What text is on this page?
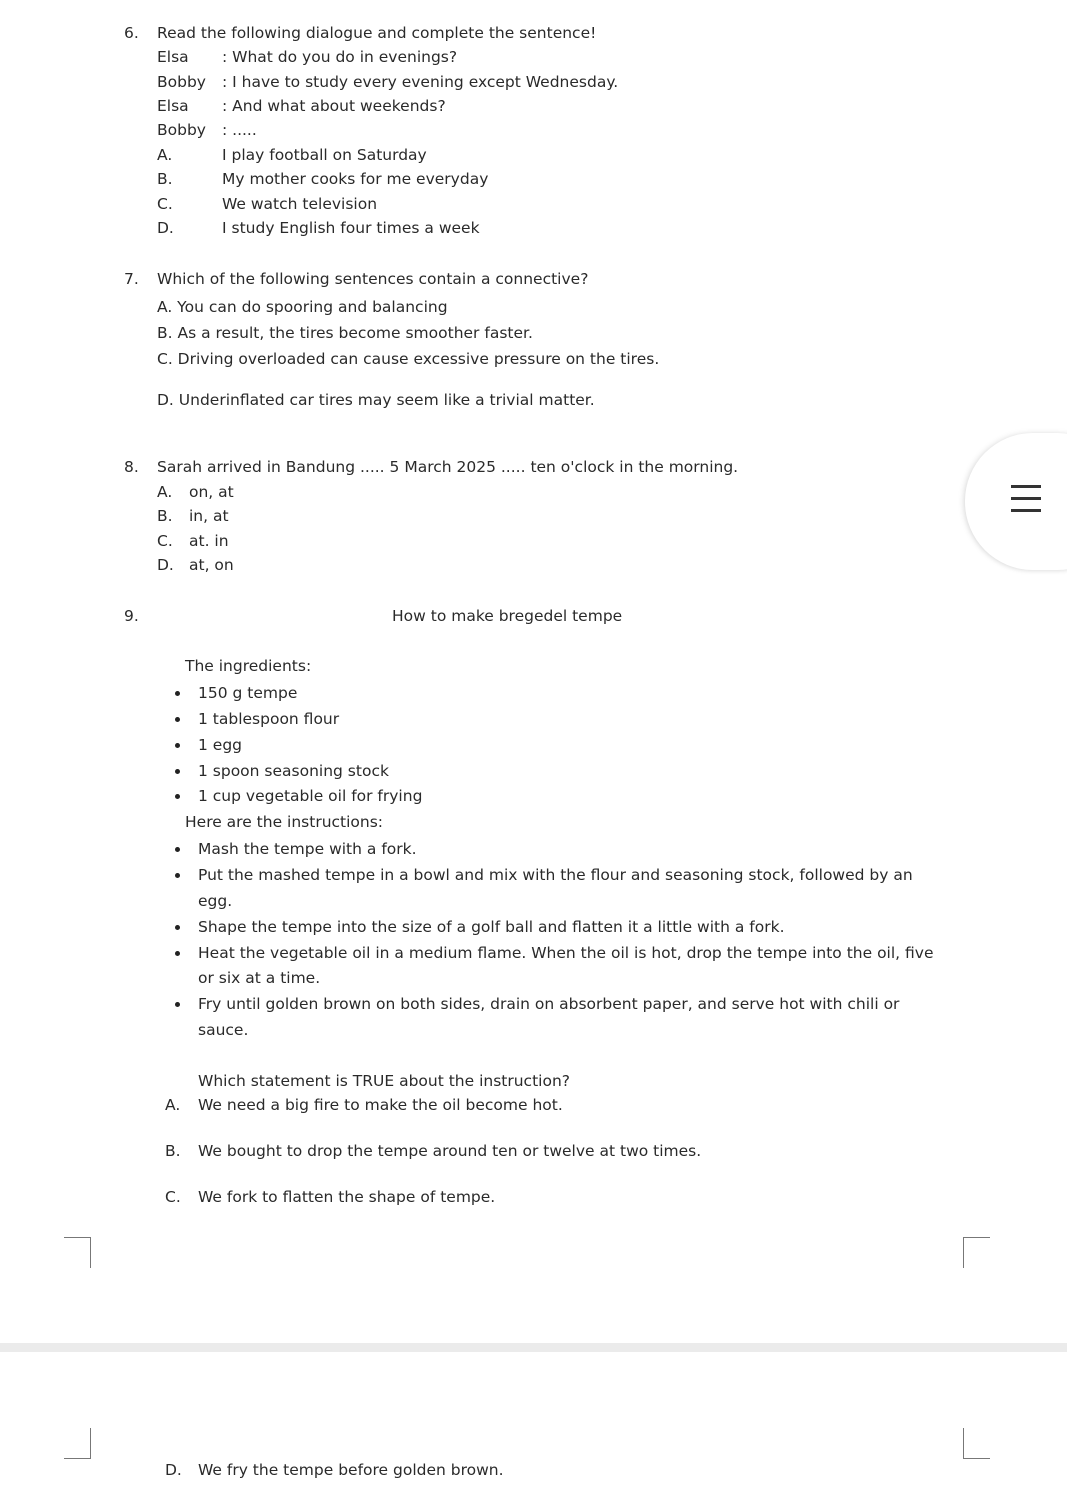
6. Read the following dialogue and complete the sentence!
Elsa : What do you do in evenings?
Bobby : I have to study every evening except Wednesday.
Elsa : And what about weekends?
Bobby : .....
A.	I play football on Saturday
B.	My mother cooks for me everyday
C.	We watch television
D.	I study English four times a week
7. Which of the following sentences contain a connective?
A. You can do spooring and balancing
B. As a result, the tires become smoother faster.
C. Driving overloaded can cause excessive pressure on the tires.
D. Underinflated car tires may seem like a trivial matter.
8. Sarah arrived in Bandung ..... 5 March 2025 ..... ten o'clock in the morning.
A. on, at
B. in, at
C. at. in
D. at, on
9.	How to make bregedel tempe
The ingredients:
150 g tempe
1 tablespoon flour
1 egg
1 spoon seasoning stock
1 cup vegetable oil for frying
Here are the instructions:
Mash the tempe with a fork.
Put the mashed tempe in a bowl and mix with the flour and seasoning stock, followed by an
egg.
Shape the tempe into the size of a golf ball and flatten it a little with a fork.
Heat the vegetable oil in a medium flame. When the oil is hot, drop the tempe into the oil, five
or six at a time.
Fry until golden brown on both sides, drain on absorbent paper, and serve hot with chili or
sauce.
Which statement is TRUE about the instruction?
A. We need a big fire to make the oil become hot.
B. We bought to drop the tempe around ten or twelve at two times.
C. We fork to flatten the shape of tempe.
D. We fry the tempe before golden brown.
